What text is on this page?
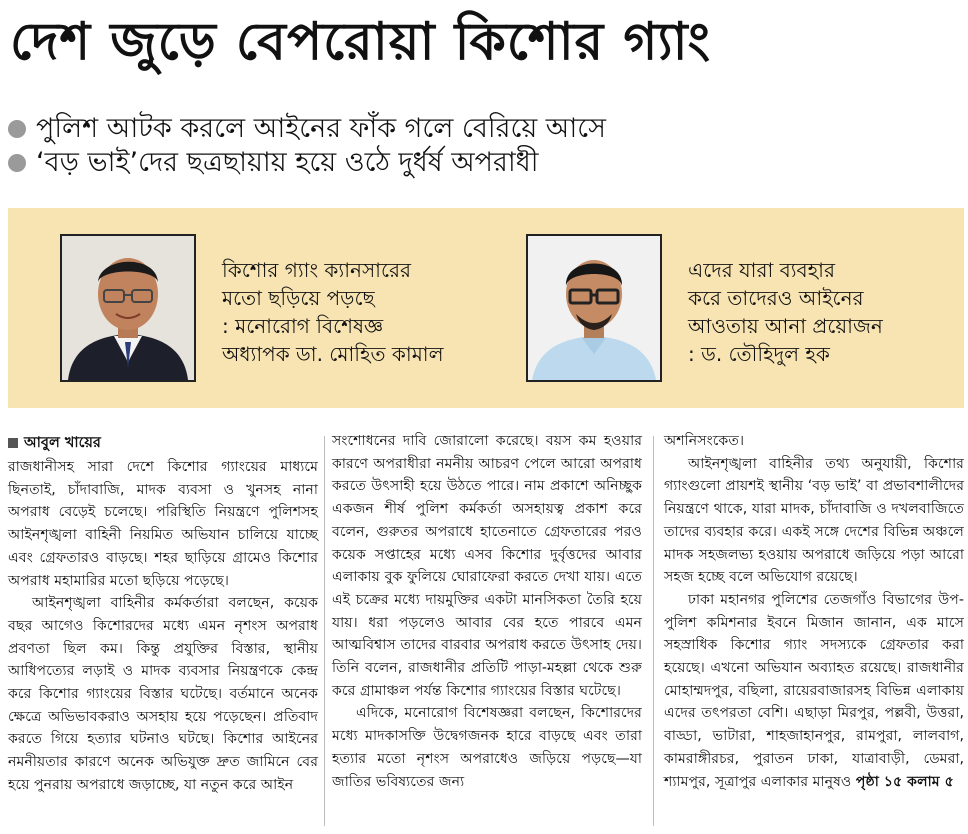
দেশ জুড়ে বেপরোয়া কিশোর গ্যাং
পুলিশ আটক করলে আইনের ফাঁক গলে বেরিয়ে আসে
‘বড় ভাই’দের ছত্রছায়ায় হয়ে ওঠে দুর্ধর্ষ অপরাধী
কিশোর গ্যাং ক্যানসারের
মতো ছড়িয়ে পড়ছে
: মনোরোগ বিশেষজ্ঞ
অধ্যাপক ডা. মোহিত কামাল
এদের যারা ব্যবহার
করে তাদেরও আইনের
আওতায় আনা প্রয়োজন
: ড. তৌহিদুল হক
আবুল খায়ের

রাজধানীসহ সারা দেশে কিশোর গ্যাংয়ের মাধ্যমে ছিনতাই, চাঁদাবাজি, মাদক ব্যবসা ও খুনসহ নানা অপরাধ বেড়েই চলেছে। পরিস্থিতি নিয়ন্ত্রণে পুলিশসহ আইনশৃঙ্খলা বাহিনী নিয়মিত অভিযান চালিয়ে যাচ্ছে এবং গ্রেফতারও বাড়ছে। শহর ছাড়িয়ে গ্রামেও কিশোর অপরাধ মহামারির মতো ছড়িয়ে পড়েছে।

আইনশৃঙ্খলা বাহিনীর কর্মকর্তারা বলছেন, কয়েক বছর আগেও কিশোরদের মধ্যে এমন নৃশংস অপরাধ প্রবণতা ছিল কম। কিন্তু প্রযুক্তির বিস্তার, স্থানীয় আধিপত্যের লড়াই ও মাদক ব্যবসার নিয়ন্ত্রণকে কেন্দ্র করে কিশোর গ্যাংয়ের বিস্তার ঘটেছে। বর্তমানে অনেক ক্ষেত্রে অভিভাবকরাও অসহায় হয়ে পড়েছেন। প্রতিবাদ করতে গিয়ে হত্যার ঘটনাও ঘটছে। কিশোর আইনের নমনীয়তার কারণে অনেক অভিযুক্ত দ্রুত জামিনে বের হয়ে পুনরায় অপরাধে জড়াচ্ছে, যা নতুন করে আইন

সংশোধনের দাবি জোরালো করেছে। বয়স কম হওয়ার কারণে অপরাধীরা নমনীয় আচরণ পেলে আরো অপরাধ করতে উৎসাহী হয়ে উঠতে পারে। নাম প্রকাশে অনিচ্ছুক একজন শীর্ষ পুলিশ কর্মকর্তা অসহায়ত্ব প্রকাশ করে বলেন, গুরুতর অপরাধে হাতেনাতে গ্রেফতারের পরও কয়েক সপ্তাহের মধ্যে এসব কিশোর দুর্বৃত্তদের আবার এলাকায় বুক ফুলিয়ে ঘোরাফেরা করতে দেখা যায়। এতে এই চক্রের মধ্যে দায়মুক্তির একটা মানসিকতা তৈরি হয়ে যায়। ধরা পড়লেও আবার বের হতে পারবে এমন আত্মবিশ্বাস তাদের বারবার অপরাধ করতে উৎসাহ দেয়। তিনি বলেন, রাজধানীর প্রতিটি পাড়া-মহল্লা থেকে শুরু করে গ্রামাঞ্চল পর্যন্ত কিশোর গ্যাংয়ের বিস্তার ঘটেছে।

এদিকে, মনোরোগ বিশেষজ্ঞরা বলছেন, কিশোরদের মধ্যে মাদকাসক্তি উদ্বেগজনক হারে বাড়ছে এবং তারা হত্যার মতো নৃশংস অপরাধেও জড়িয়ে পড়ছে—যা জাতির ভবিষ্যতের জন্য

অশনিসংকেত।

আইনশৃঙ্খলা বাহিনীর তথ্য অনুযায়ী, কিশোর গ্যাংগুলো প্রায়শই স্থানীয় ‘বড় ভাই’ বা প্রভাবশালীদের নিয়ন্ত্রণে থাকে, যারা মাদক, চাঁদাবাজি ও দখলবাজিতে তাদের ব্যবহার করে। একই সঙ্গে দেশের বিভিন্ন অঞ্চলে মাদক সহজলভ্য হওয়ায় অপরাধে জড়িয়ে পড়া আরো সহজ হচ্ছে বলে অভিযোগ রয়েছে।

ঢাকা মহানগর পুলিশের তেজগাঁও বিভাগের উপ-পুলিশ কমিশনার ইবনে মিজান জানান, এক মাসে সহস্রাধিক কিশোর গ্যাং সদস্যকে গ্রেফতার করা হয়েছে। এখনো অভিযান অব্যাহত রয়েছে। রাজধানীর মোহাম্মদপুর, বছিলা, রায়েরবাজারসহ বিভিন্ন এলাকায় এদের তৎপরতা বেশি। এছাড়া মিরপুর, পল্লবী, উত্তরা, বাড্ডা, ভাটারা, শাহজাহানপুর, রামপুরা, লালবাগ, কামরাঙ্গীরচর, পুরাতন ঢাকা, যাত্রাবাড়ী, ডেমরা, শ্যামপুর, সূত্রাপুর এলাকার মানুষও পৃষ্ঠা ১৫ কলাম ৫
